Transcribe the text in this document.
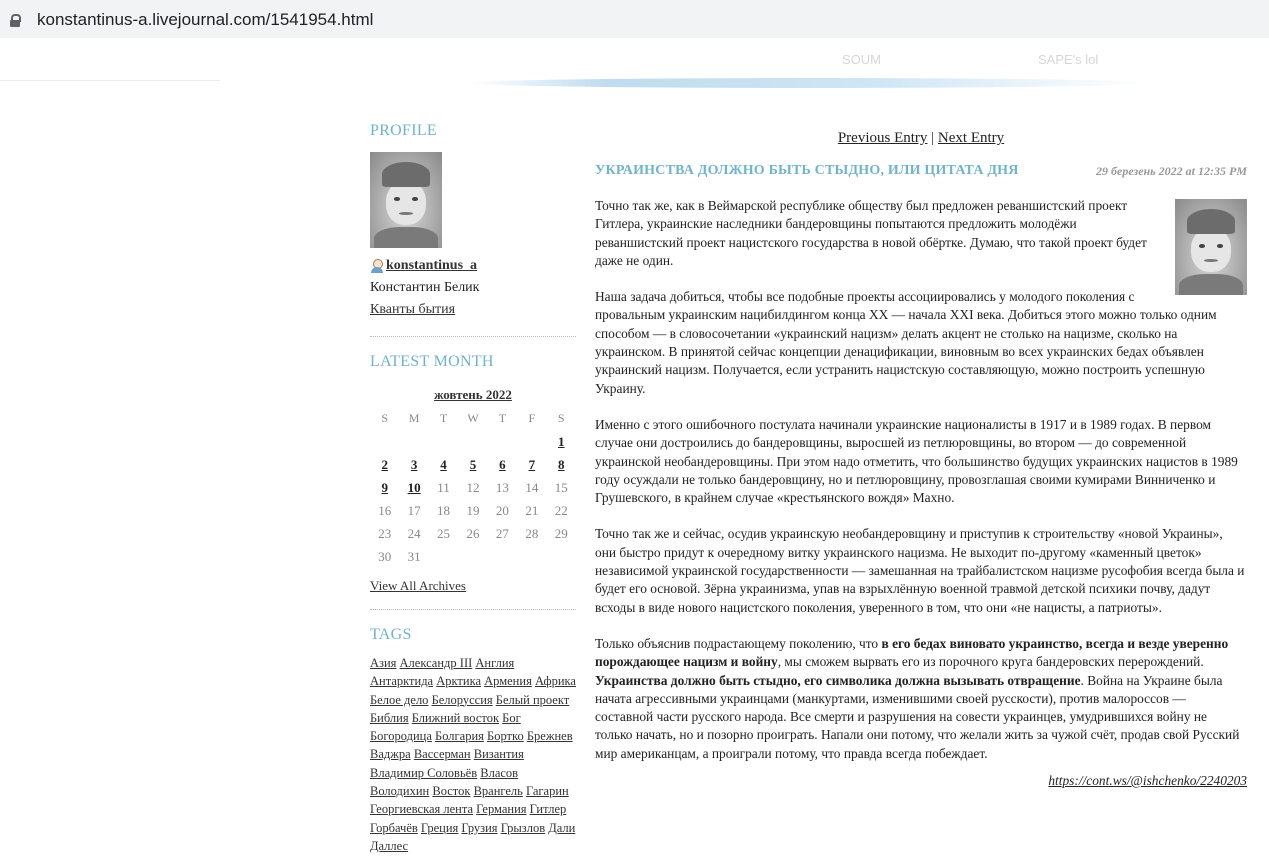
konstantinus-a.livejournal.com/1541954.html
SOUM	SAPE's lol
PROFILE
konstantinus_a
Константин Белик
Кванты бытия
LATEST MONTH
жовтень 2022
S	M	T	W	T	F	S
						1
2	3	4	5	6	7	8
9	10	11	12	13	14	15
16	17	18	19	20	21	22
23	24	25	26	27	28	29
30	31					
View All Archives
TAGS
Азия Александр III Англия Антарктида Арктика Армения Африка Белое дело Белоруссия Белый проект Библия Ближний восток Бог Богородица Болгария Бортко Брежнев Ваджра Вассерман Византия Владимир Соловьёв Власов Володихин Восток Врангель Гагарин Георгиевская лента Германия Гитлер Горбачёв Греция Грузия Грызлов Дали Даллес
Previous Entry | Next Entry
УКРАИНСТВА ДОЛЖНО БЫТЬ СТЫДНО, ИЛИ ЦИТАТА ДНЯ	29 березень 2022 at 12:35 PM

Точно так же, как в Веймарской республике обществу был предложен реваншистский проект Гитлера, украинские наследники бандеровщины попытаются предложить молодёжи реваншистский проект нацистского государства в новой обёртке. Думаю, что такой проект будет даже не один.

Наша задача добиться, чтобы все подобные проекты ассоциировались у молодого поколения с провальным украинским нацибилдингом конца XX — начала XXI века. Добиться этого можно только одним способом — в словосочетании «украинский нацизм» делать акцент не столько на нацизме, сколько на украинском. В принятой сейчас концепции денацификации, виновным во всех украинских бедах объявлен украинский нацизм. Получается, если устранить нацистскую составляющую, можно построить успешную Украину.

Именно с этого ошибочного постулата начинали украинские националисты в 1917 и в 1989 годах. В первом случае они достроились до бандеровщины, выросшей из петлюровщины, во втором — до современной украинской необандеровщины. При этом надо отметить, что большинство будущих украинских нацистов в 1989 году осуждали не только бандеровщину, но и петлюровщину, провозглашая своими кумирами Винниченко и Грушевского, в крайнем случае «крестьянского вождя» Махно.

Точно так же и сейчас, осудив украинскую необандеровщину и приступив к строительству «новой Украины», они быстро придут к очередному витку украинского нацизма. Не выходит по-другому «каменный цветок» независимой украинской государственности — замешанная на трайбалистском нацизме русофобия всегда была и будет его основой. Зёрна украинизма, упав на взрыхлённую военной травмой детской психики почву, дадут всходы в виде нового нацистского поколения, уверенного в том, что они «не нацисты, а патриоты».

Только объяснив подрастающему поколению, что в его бедах виновато украинство, всегда и везде уверенно порождающее нацизм и войну, мы сможем вырвать его из порочного круга бандеровских перерождений. Украинства должно быть стыдно, его символика должна вызывать отвращение. Война на Украине была начата агрессивными украинцами (манкуртами, изменившими своей русскости), против малороссов — составной части русского народа. Все смерти и разрушения на совести украинцев, умудрившихся войну не только начать, но и позорно проиграть. Напали они потому, что желали жить за чужой счёт, продав свой Русский мир американцам, а проиграли потому, что правда всегда побеждает.

https://cont.ws/@ishchenko/2240203
